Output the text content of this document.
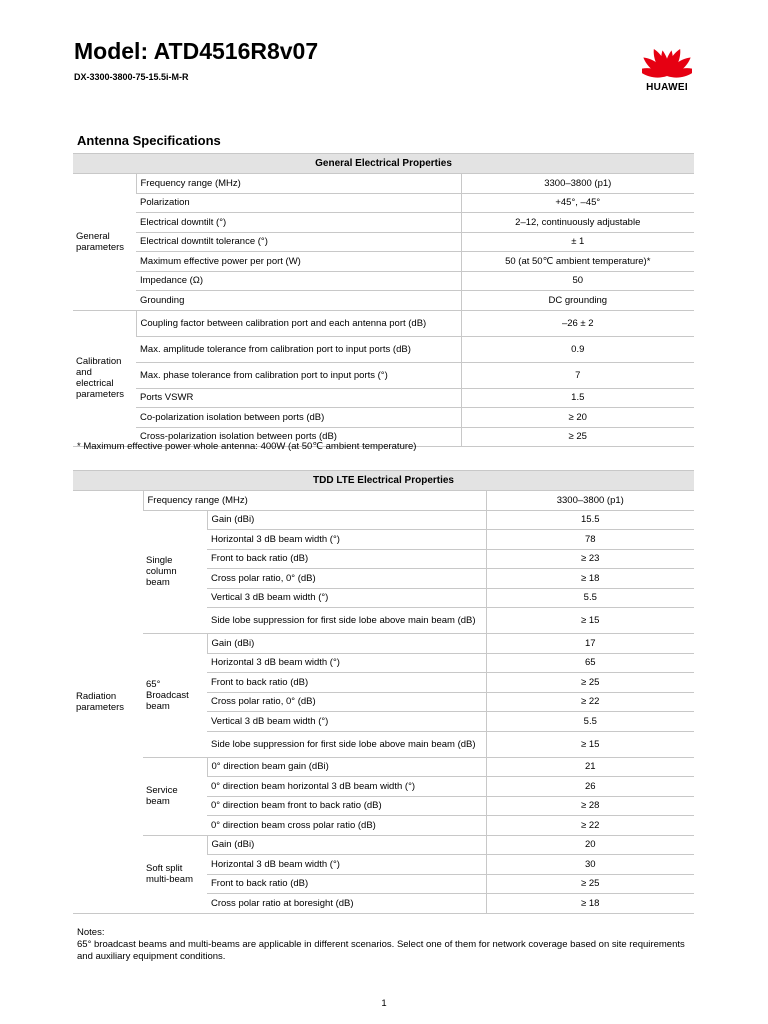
Model: ATD4516R8v07
DX-3300-3800-75-15.5i-M-R
HUAWEI
Antenna Specifications
General Electrical Properties		
General parameters	Frequency range (MHz)	3300–3800 (p1)
	Polarization	+45°, –45°
	Electrical downtilt (°)	2–12, continuously adjustable
	Electrical downtilt tolerance (°)	± 1
	Maximum effective power per port (W)	50 (at 50℃ ambient temperature)*
	Impedance (Ω)	50
	Grounding	DC grounding
Calibration and electrical parameters	Coupling factor between calibration port and each antenna port (dB)	–26 ± 2
	Max. amplitude tolerance from calibration port to input ports (dB)	0.9
	Max. phase tolerance from calibration port to input ports (°)	7
	Ports VSWR	1.5
	Co-polarization isolation between ports (dB)	≥ 20
	Cross-polarization isolation between ports (dB)	≥ 25
* Maximum effective power whole antenna: 400W (at 50℃ ambient temperature)
TDD LTE Electrical Properties			
Radiation parameters	Frequency range (MHz)		3300–3800 (p1)
	Single column beam	Gain (dBi)	15.5
		Horizontal 3 dB beam width (°)	78
		Front to back ratio (dB)	≥ 23
		Cross polar ratio, 0° (dB)	≥ 18
		Vertical 3 dB beam width (°)	5.5
		Side lobe suppression for first side lobe above main beam (dB)	≥ 15
	65° Broadcast beam	Gain (dBi)	17
		Horizontal 3 dB beam width (°)	65
		Front to back ratio (dB)	≥ 25
		Cross polar ratio, 0° (dB)	≥ 22
		Vertical 3 dB beam width (°)	5.5
		Side lobe suppression for first side lobe above main beam (dB)	≥ 15
	Service beam	0° direction beam gain (dBi)	21
		0° direction beam horizontal 3 dB beam width (°)	26
		0° direction beam front to back ratio (dB)	≥ 28
		0° direction beam cross polar ratio (dB)	≥ 22
	Soft split multi-beam	Gain (dBi)	20
		Horizontal 3 dB beam width (°)	30
		Front to back ratio (dB)	≥ 25
		Cross polar ratio at boresight (dB)	≥ 18
Notes:
65° broadcast beams and multi-beams are applicable in different scenarios. Select one of them for network coverage based on site requirements and auxiliary equipment conditions.
1
